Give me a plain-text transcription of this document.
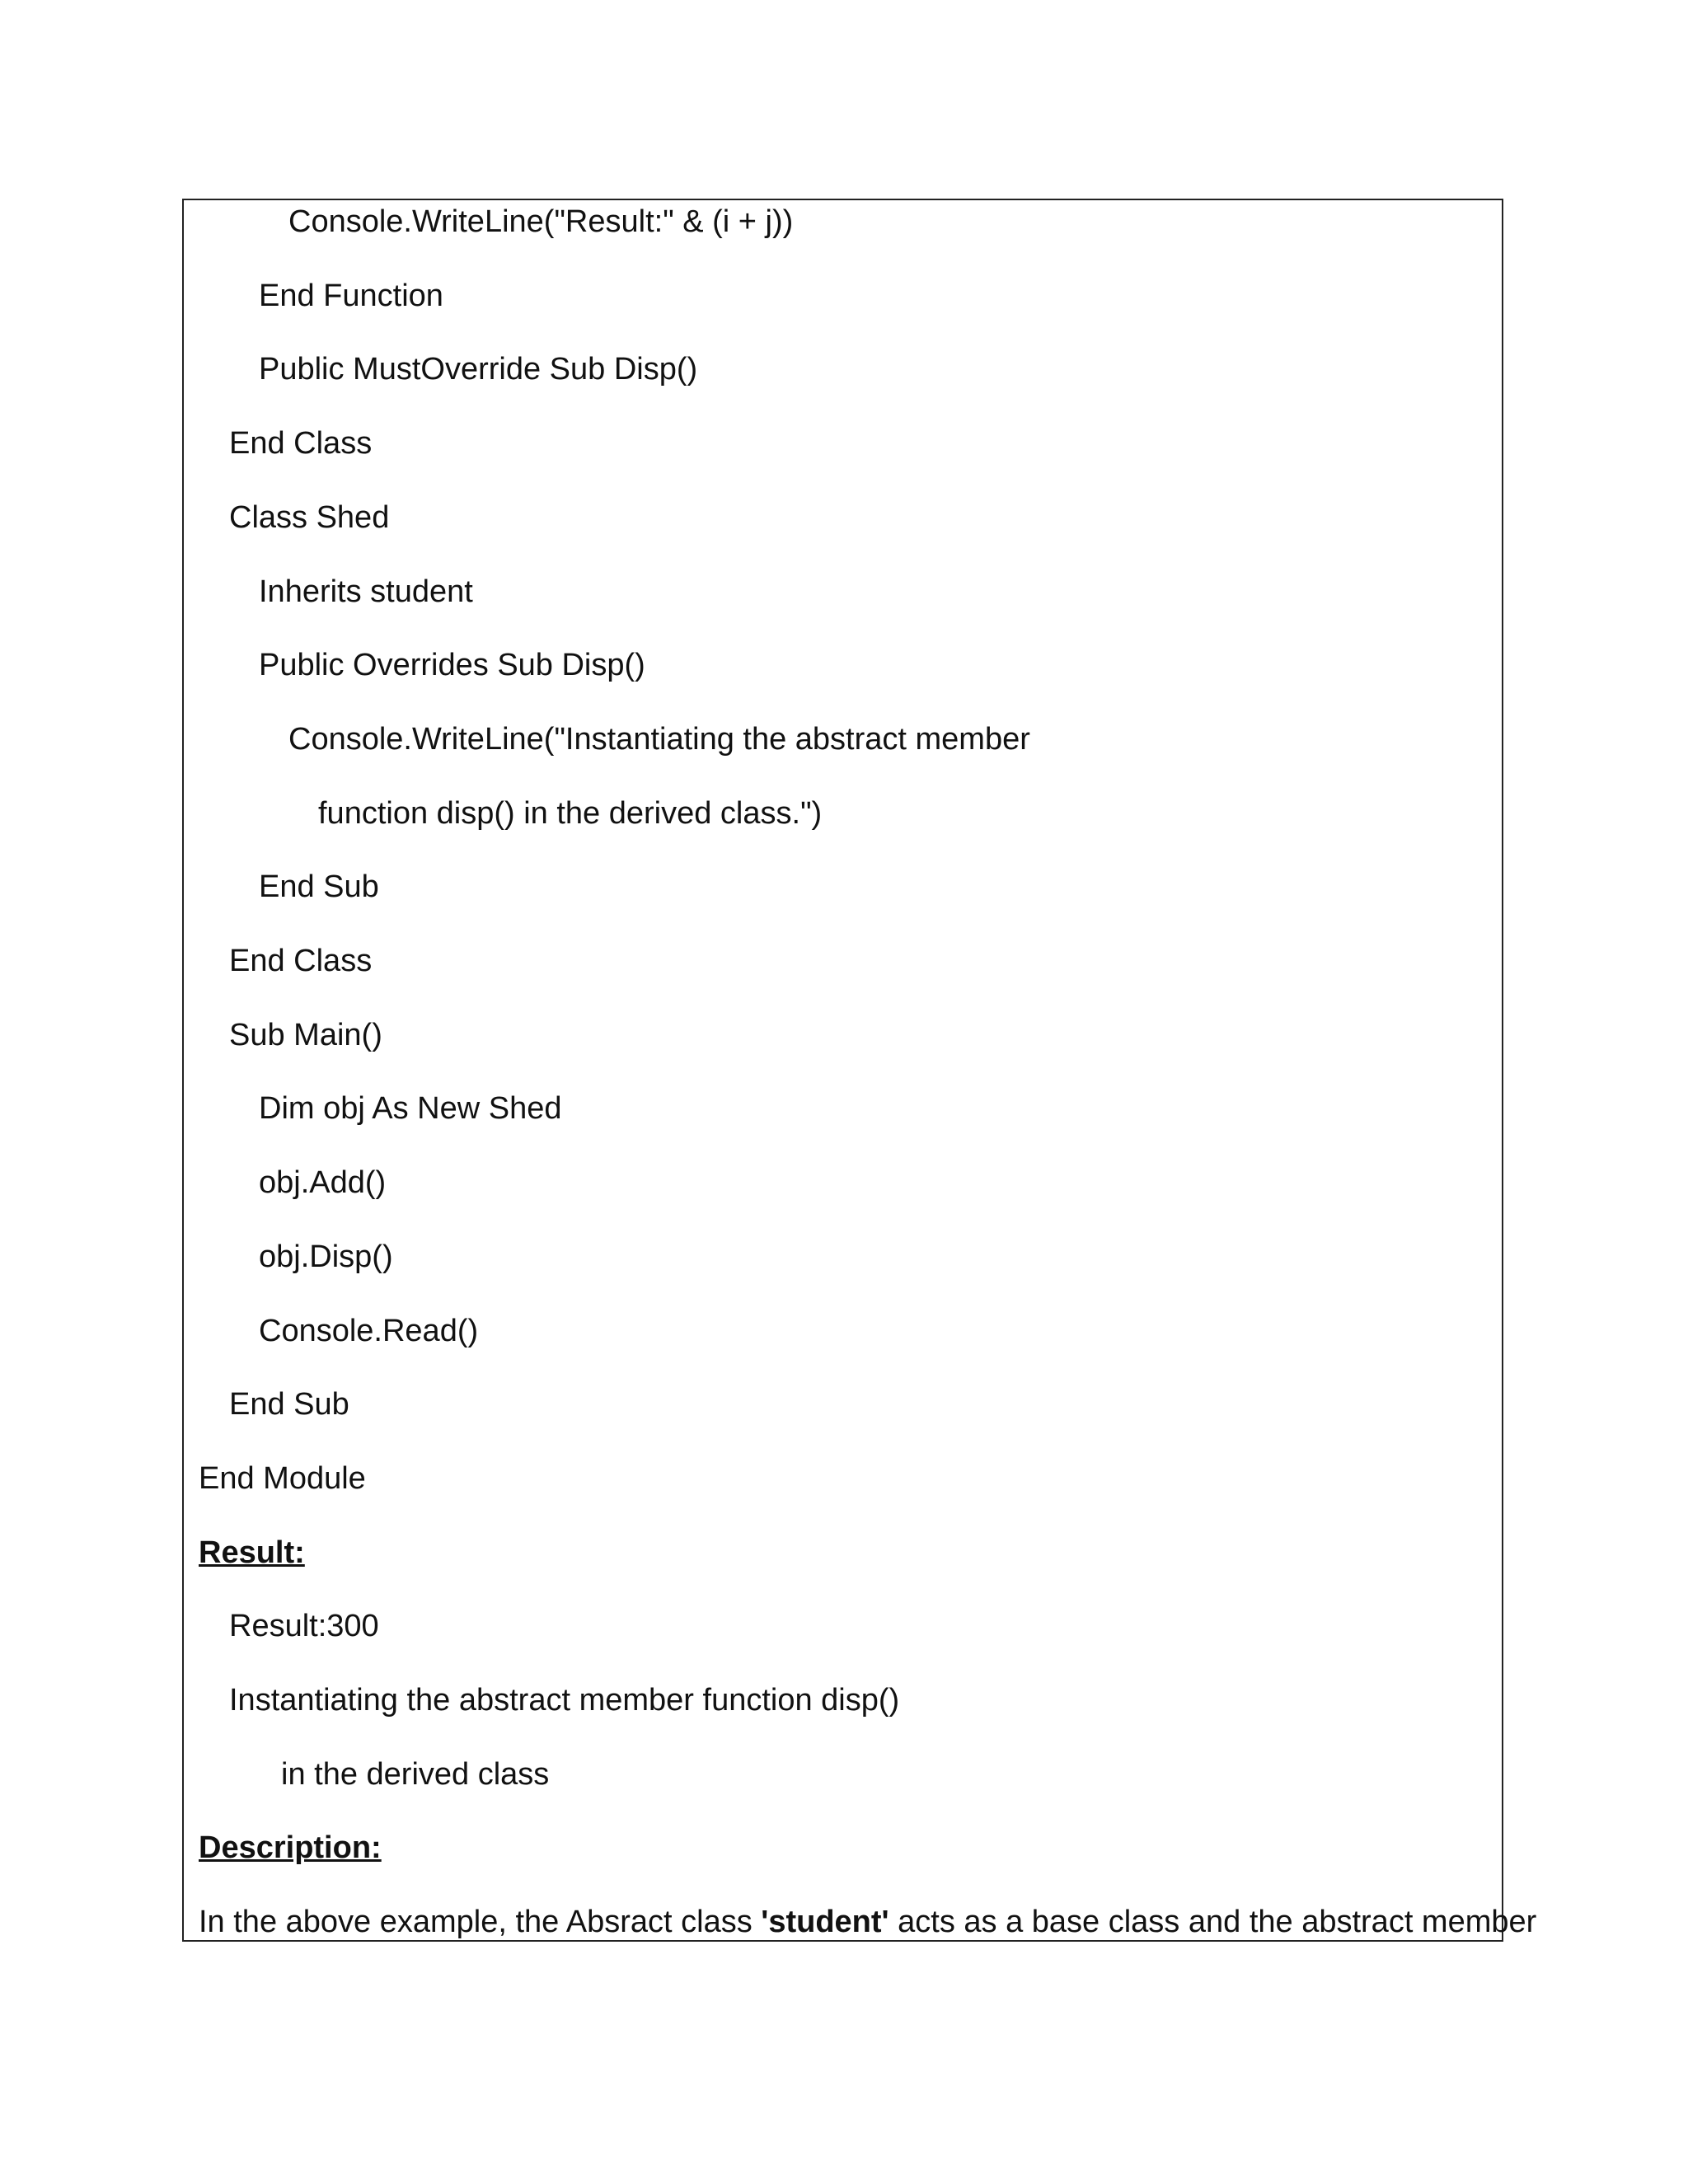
Console.WriteLine("Result:" & (i + j))
End Function
Public MustOverride Sub Disp()
End Class
Class Shed
Inherits student
Public Overrides Sub Disp()
Console.WriteLine("Instantiating the abstract member
function disp() in the derived class.")
End Sub
End Class
Sub Main()
Dim obj As New Shed
obj.Add()
obj.Disp()
Console.Read()
End Sub
End Module
Result:
Result:300
Instantiating the abstract member function disp()
in the derived class
Description:
In the above example, the Absract class 'student' acts as a base class and the abstract member
